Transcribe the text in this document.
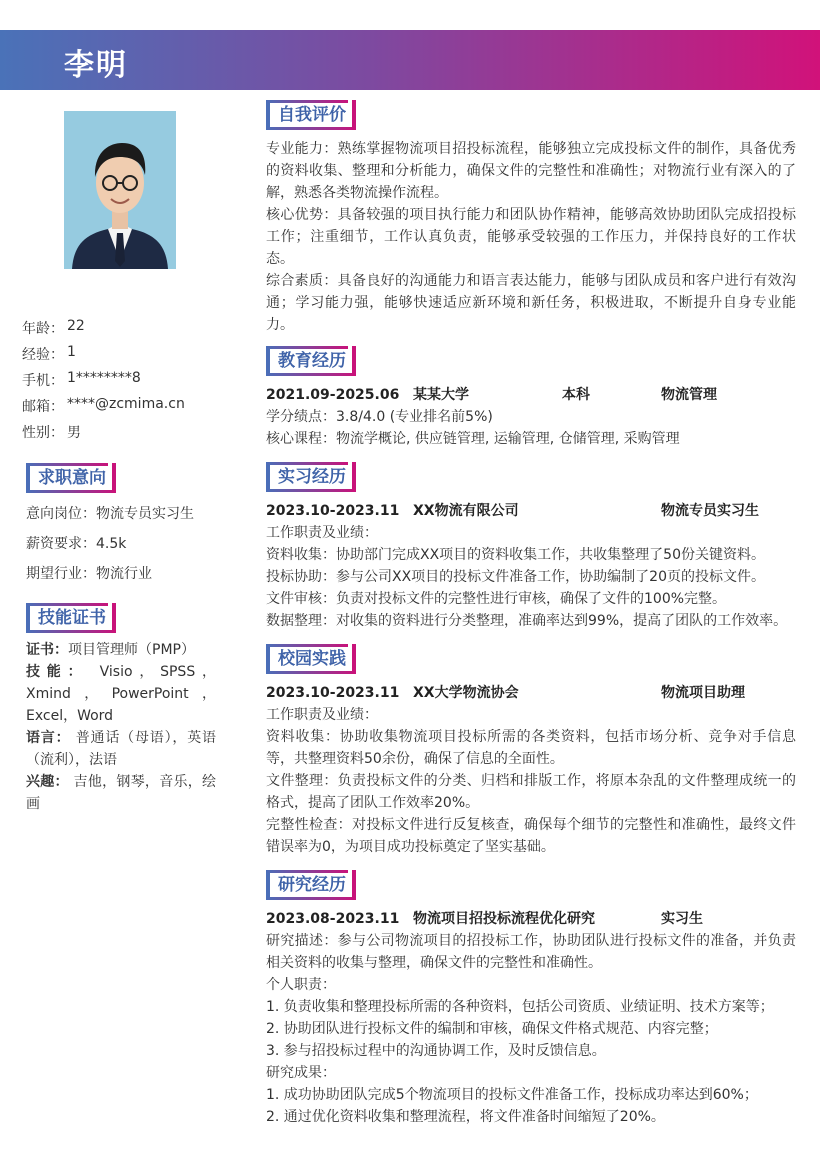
李明
年龄： 22
经验： 1
手机： 1********8
邮箱： ****@zcmima.cn
性别： 男
求职意向
意向岗位：物流专员实习生
薪资要求：4.5k
期望行业：物流行业
技能证书
证书：项目管理师（PMP）
技能： Visio，SPSS，Xmind，PowerPoint，Excel，Word
语言： 普通话（母语），英语（流利），法语
兴趣： 吉他，钢琴，音乐，绘画
自我评价
专业能力：熟练掌握物流项目招投标流程，能够独立完成投标文件的制作，具备优秀的资料收集、整理和分析能力，确保文件的完整性和准确性；对物流行业有深入的了解，熟悉各类物流操作流程。
核心优势：具备较强的项目执行能力和团队协作精神，能够高效协助团队完成招投标工作；注重细节，工作认真负责，能够承受较强的工作压力，并保持良好的工作状态。
综合素质：具备良好的沟通能力和语言表达能力，能够与团队成员和客户进行有效沟通；学习能力强，能够快速适应新环境和新任务，积极进取，不断提升自身专业能力。
教育经历
2021.09-2025.06 某某大学	本科	物流管理
学分绩点：3.8/4.0 (专业排名前5%)
核心课程：物流学概论, 供应链管理, 运输管理, 仓储管理, 采购管理
实习经历
2023.10-2023.11 XX物流有限公司	物流专员实习生
工作职责及业绩：
资料收集：协助部门完成XX项目的资料收集工作，共收集整理了50份关键资料。
投标协助：参与公司XX项目的投标文件准备工作，协助编制了20页的投标文件。
文件审核：负责对投标文件的完整性进行审核，确保了文件的100%完整。
数据整理：对收集的资料进行分类整理，准确率达到99%，提高了团队的工作效率。
校园实践
2023.10-2023.11 XX大学物流协会	物流项目助理
工作职责及业绩：
资料收集：协助收集物流项目投标所需的各类资料，包括市场分析、竞争对手信息等，共整理资料50余份，确保了信息的全面性。
文件整理：负责投标文件的分类、归档和排版工作，将原本杂乱的文件整理成统一的格式，提高了团队工作效率20%。
完整性检查：对投标文件进行反复核查，确保每个细节的完整性和准确性，最终文件错误率为0，为项目成功投标奠定了坚实基础。
研究经历
2023.08-2023.11 物流项目招投标流程优化研究	实习生
研究描述：参与公司物流项目的招投标工作，协助团队进行投标文件的准备，并负责相关资料的收集与整理，确保文件的完整性和准确性。
个人职责：
1. 负责收集和整理投标所需的各种资料，包括公司资质、业绩证明、技术方案等；
2. 协助团队进行投标文件的编制和审核，确保文件格式规范、内容完整；
3. 参与招投标过程中的沟通协调工作，及时反馈信息。
研究成果：
1. 成功协助团队完成5个物流项目的投标文件准备工作，投标成功率达到60%；
2. 通过优化资料收集和整理流程，将文件准备时间缩短了20%。
